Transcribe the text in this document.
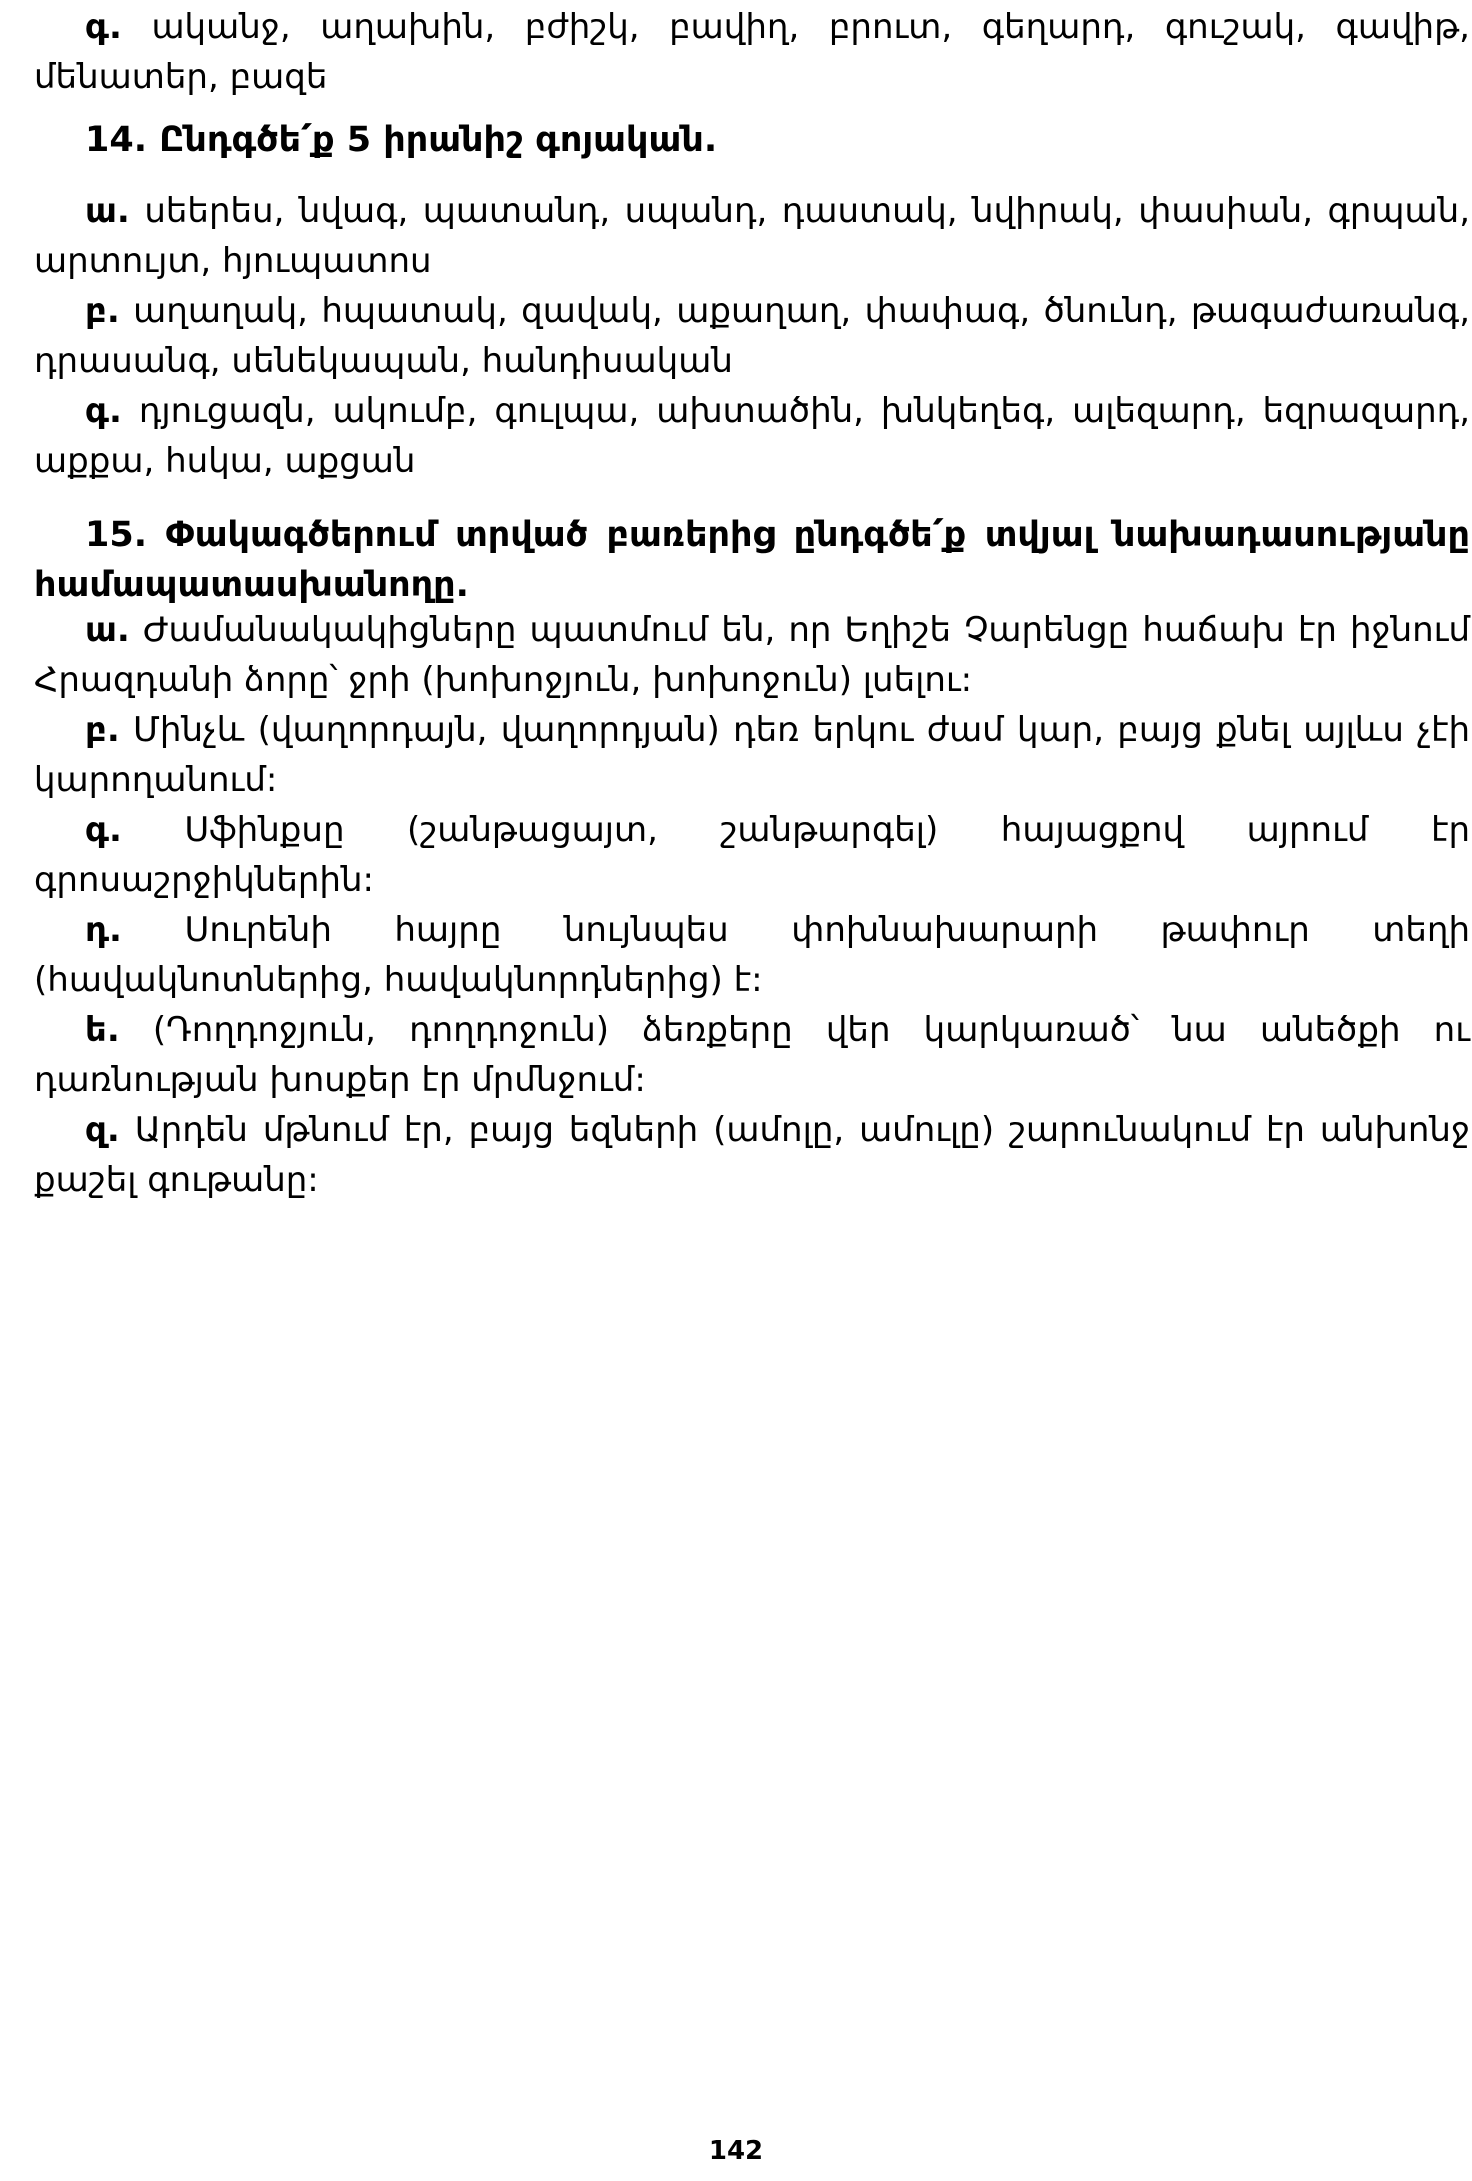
գ. ականջ, աղախին, բժիշկ, բավիղ, բրուտ, գեղարդ, գուշակ, գավիթ, մենատեր, բազե

14. Ընդգծե՛ք 5 իրանիշ գոյական.

ա. սեերես, նվագ, պատանդ, սպանդ, դաստակ, նվիրակ, փասիան, գրպան, արտույտ, հյուպատոս

բ. աղաղակ, հպատակ, զավակ, աքաղաղ, փափագ, ծնունդ, թագաժառանգ, դրասանգ, սենեկապան, հանդիսական

գ. դյուցազն, ակումբ, գուլպա, ախտածին, խնկեղեգ, ալեզարդ, եզրազարդ, աքքա, հսկա, աքցան

15. Փակագծերում տրված բառերից ընդգծե՛ք տվյալ նախադասությանը համապատասխանողը.

ա. Ժամանակակիցները պատմում են, որ Եղիշե Չարենցը հաճախ էր իջնում Հրազդանի ձորը՝ ջրի (խոխոջյուն, խոխոջուն) լսելու:

բ. Մինչև (վաղորդայն, վաղորդյան) դեռ երկու ժամ կար, բայց քնել այլևս չէի կարողանում:

գ. Սֆինքսը (շանթացայտ, շանթարգել) հայացքով այրում էր գրոսաշրջիկներին:

դ. Սուրենի հայրը նույնպես փոխնախարարի թափուր տեղի (հավակնոտներից, հավակնորդներից) է:

ե. (Դողդոջյուն, դողդոջուն) ձեռքերը վեր կարկառած՝ նա անեծքի ու դառնության խոսքեր էր մրմնջում:

զ. Արդեն մթնում էր, բայց եզների (ամոլը, ամուլը) շարունակում էր անխոնջ քաշել գութանը:

142
